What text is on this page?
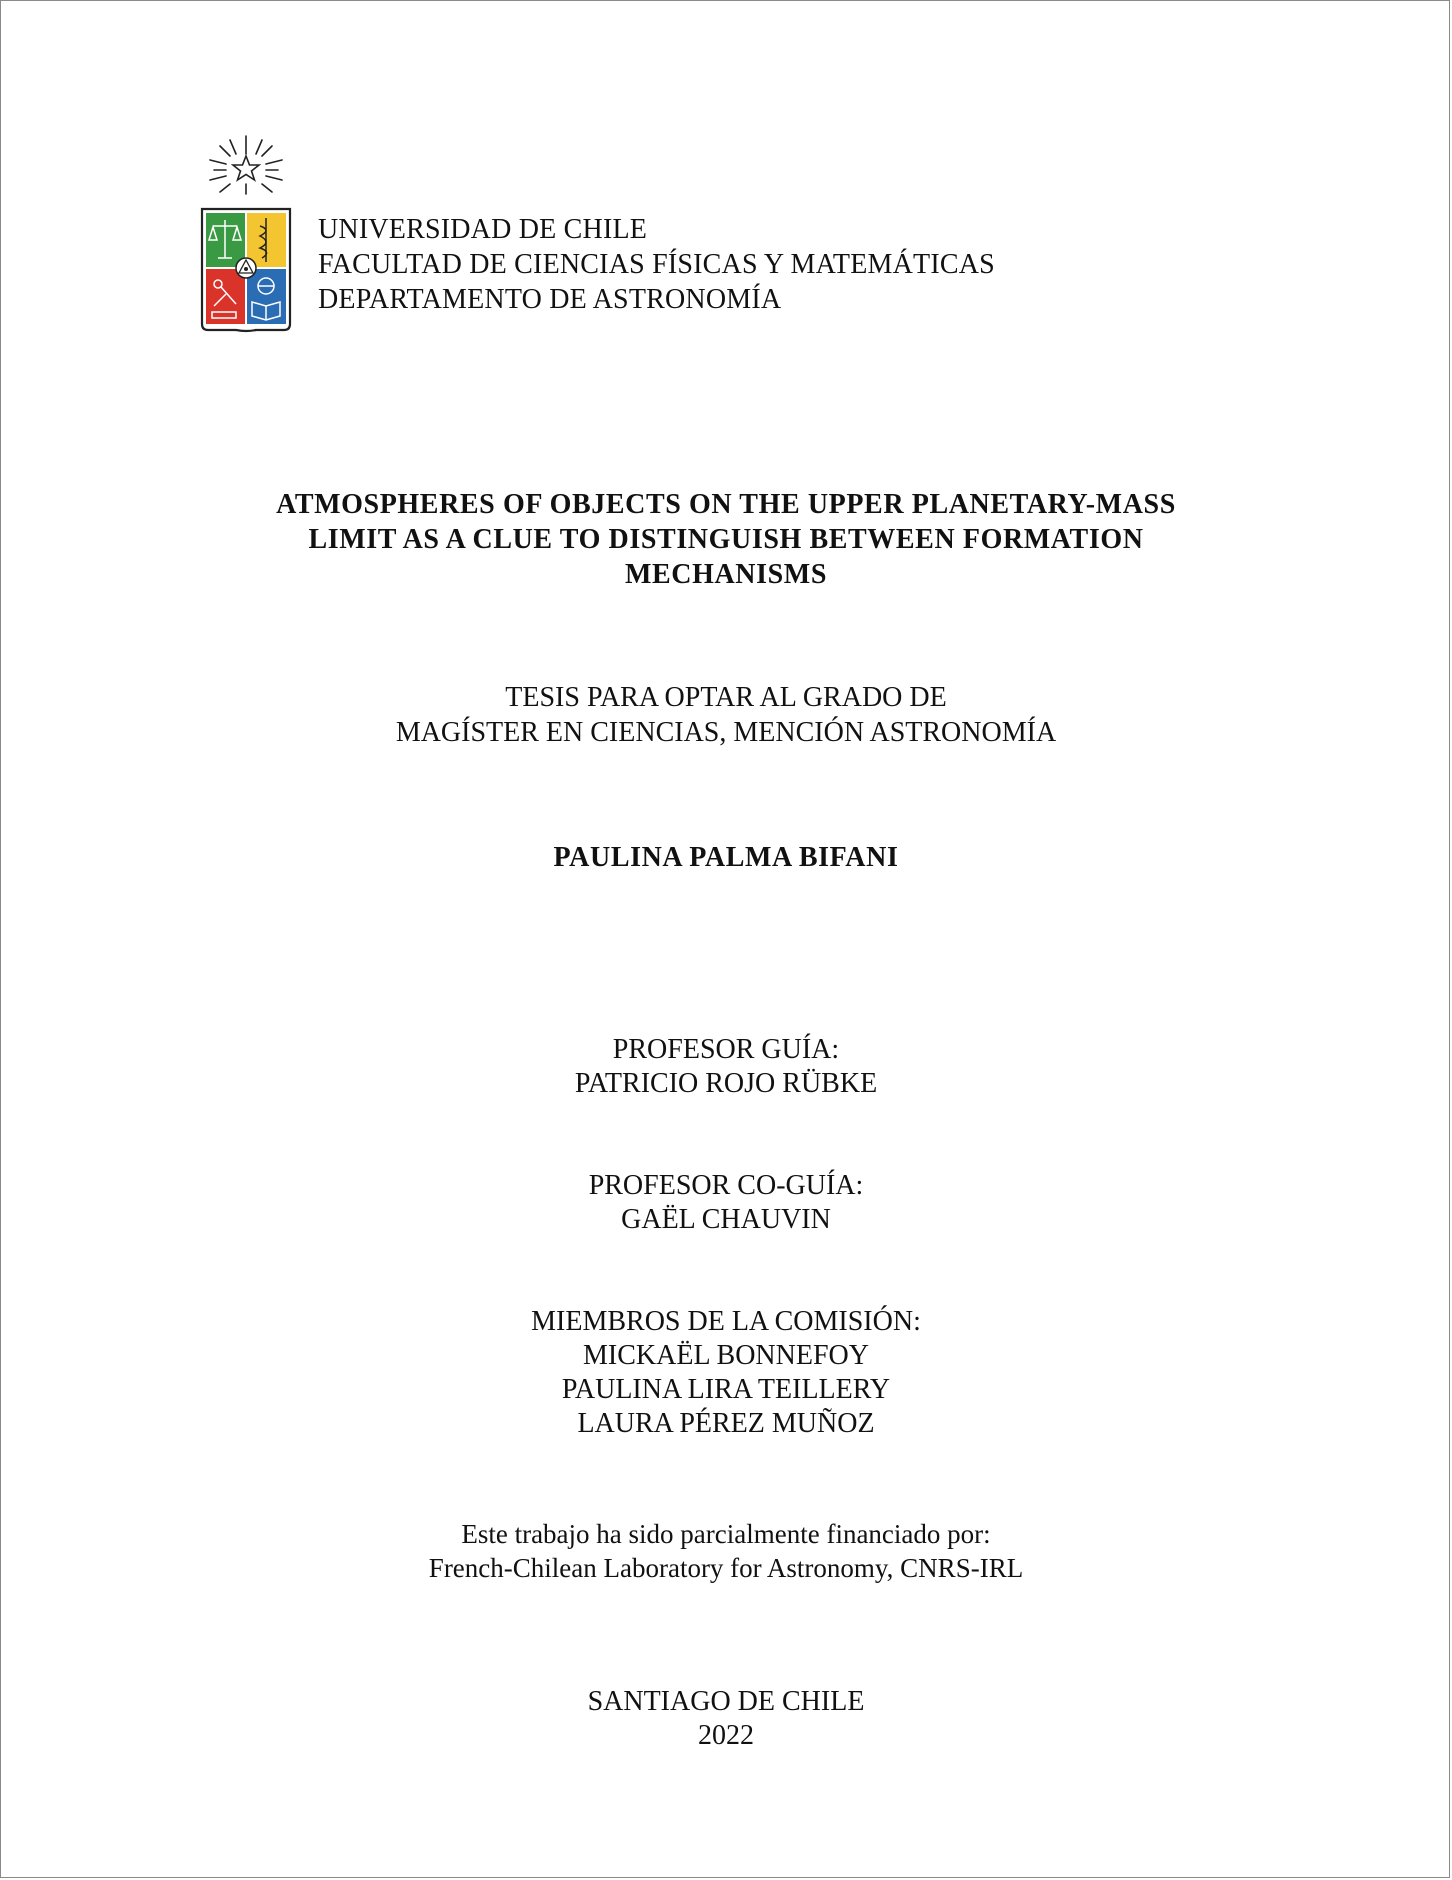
UNIVERSIDAD DE CHILE
FACULTAD DE CIENCIAS FÍSICAS Y MATEMÁTICAS
DEPARTAMENTO DE ASTRONOMÍA
ATMOSPHERES OF OBJECTS ON THE UPPER PLANETARY-MASS
LIMIT AS A CLUE TO DISTINGUISH BETWEEN FORMATION
MECHANISMS
TESIS PARA OPTAR AL GRADO DE
MAGÍSTER EN CIENCIAS, MENCIÓN ASTRONOMÍA
PAULINA PALMA BIFANI
PROFESOR GUÍA:
PATRICIO ROJO RÜBKE
PROFESOR CO-GUÍA:
GAËL CHAUVIN
MIEMBROS DE LA COMISIÓN:
MICKAËL BONNEFOY
PAULINA LIRA TEILLERY
LAURA PÉREZ MUÑOZ
Este trabajo ha sido parcialmente financiado por:
French-Chilean Laboratory for Astronomy, CNRS-IRL
SANTIAGO DE CHILE
2022
